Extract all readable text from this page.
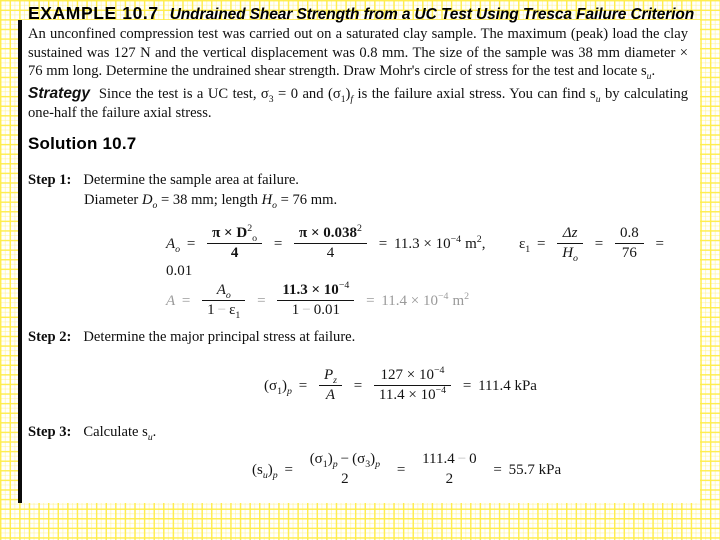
EXAMPLE 10.7 Undrained Shear Strength from a UC Test Using Tresca Failure Criterion
An unconfined compression test was carried out on a saturated clay sample. The maximum (peak) load the clay sustained was 127 N and the vertical displacement was 0.8 mm. The size of the sample was 38 mm diameter × 76 mm long. Determine the undrained shear strength. Draw Mohr's circle of stress for the test and locate $s_u$.
Strategy Since the test is a UC test, $\sigma_3 = 0$ and $(\sigma_1)_f$ is the failure axial stress. You can find $s_u$ by calculating one-half the failure axial stress.
Solution 10.7
Step 1: Determine the sample area at failure.
Diameter $D_o = 38$ mm; length $H_o = 76$ mm.
$A_o = \frac{\pi \times D^2_o}{4} = \frac{\pi \times 0.038^2}{4} = 11.3 \times 10^{-4}$ $m^2$,  $\varepsilon_1 = \frac{\Delta z}{H_o} = \frac{0.8}{76} = 0.01$
$A = \frac{A_o}{1 - \varepsilon_1} = \frac{11.3 \times 10^{-4}}{1 - 0.01} = 11.4 \times 10^{-4}$ $m^2$
Step 2: Determine the major principal stress at failure.
$(\sigma_1)_p = \frac{P_z}{A} = \frac{127 \times 10^{-4}}{11.4 \times 10^{-4}} = 111.4$ kPa
Step 3: Calculate $s_u$.
$(s_u)_p$ =
$(\sigma_1)_p - (\sigma_3)_p$
2
=
111.4 − 0
2
= 55.7 kPa
